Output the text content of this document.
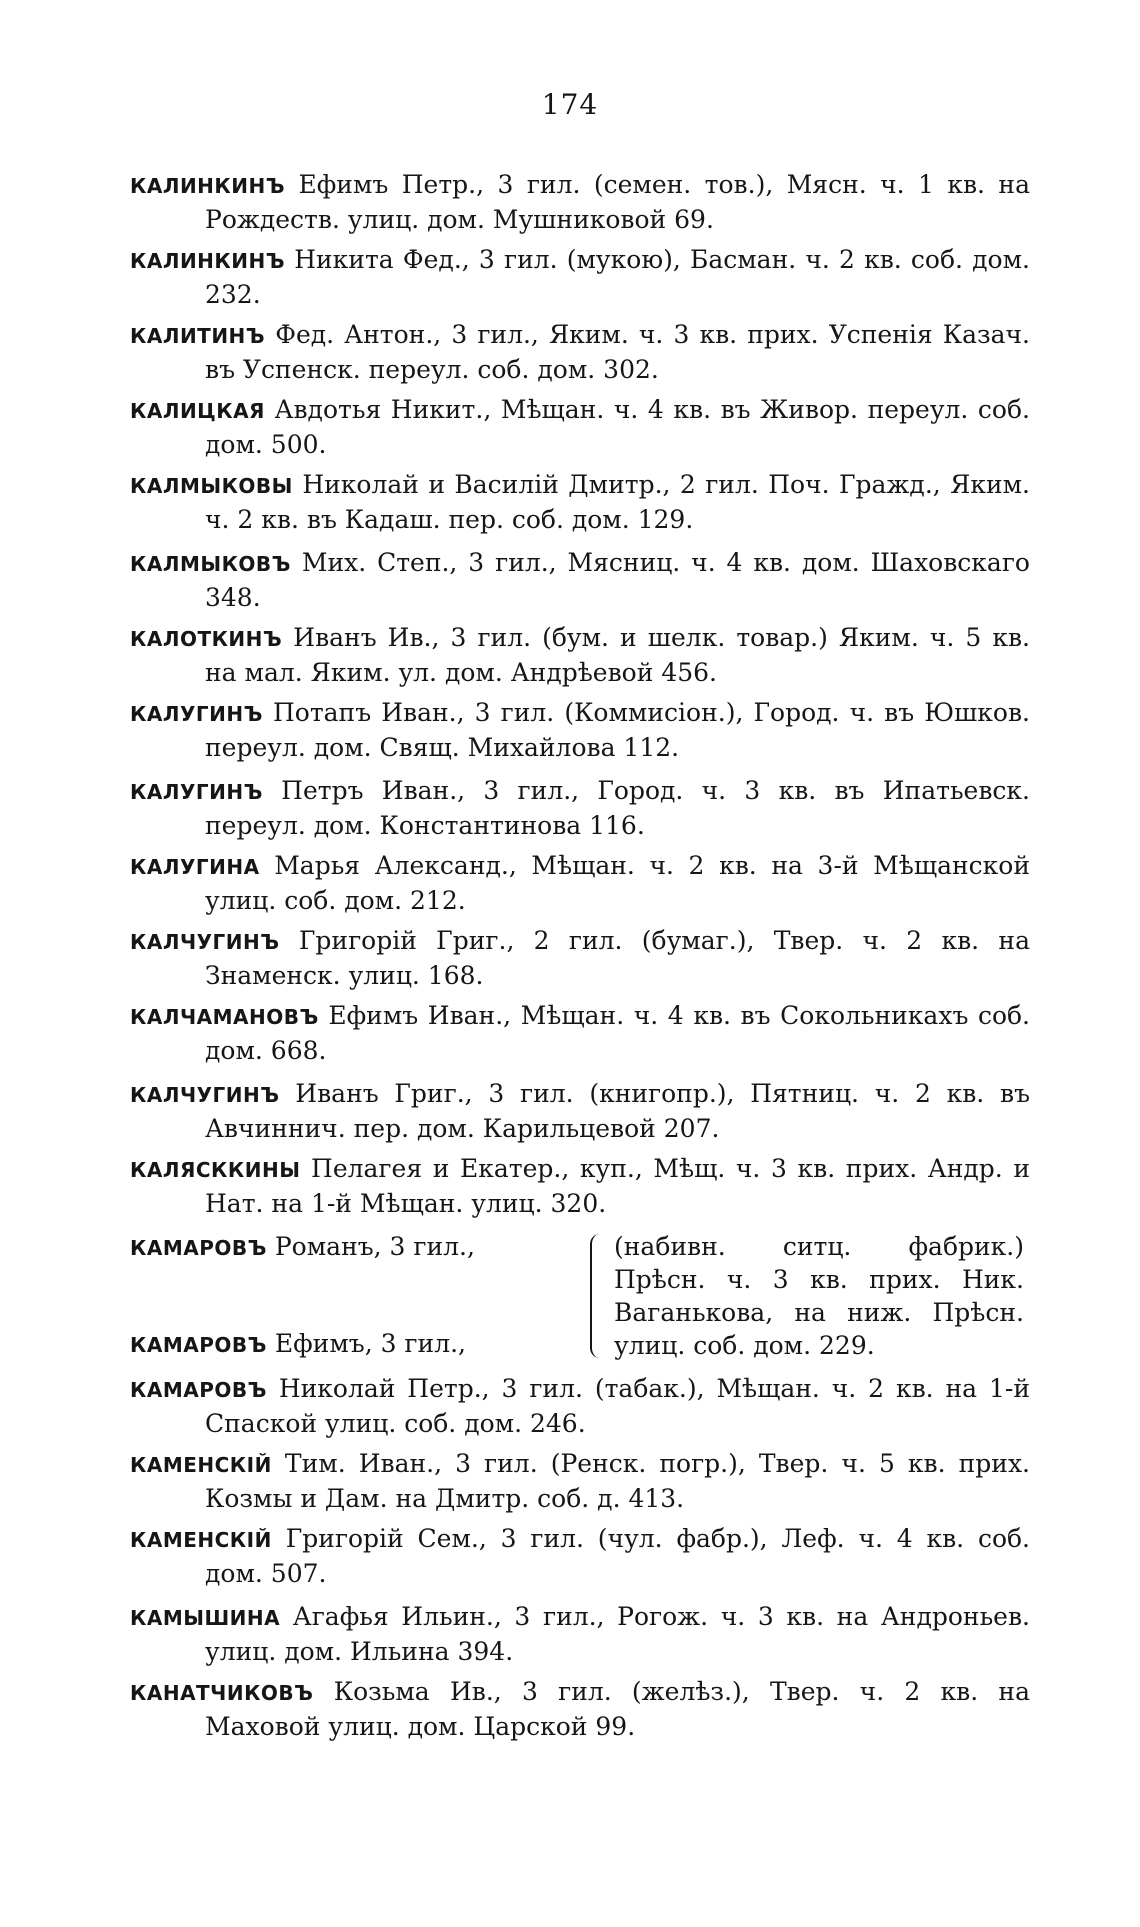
174
КАЛИНКИНЪ Ефимъ Петр., 3 гил. (семен. тов.), Мясн. ч. 1 кв. на Рождеств. улиц. дом. Мушниковой 69.
КАЛИНКИНЪ Никита Фед., 3 гил. (мукою), Басман. ч. 2 кв. соб. дом. 232.
КАЛИТИНЪ Фед. Антон., 3 гил., Яким. ч. 3 кв. прих. Успенія Казач. въ Успенск. переул. соб. дом. 302.
КАЛИЦКАЯ Авдотья Никит., Мѣщан. ч. 4 кв. въ Живор. переул. соб. дом. 500.
КАЛМЫКОВЫ Николай и Василій Дмитр., 2 гил. Поч. Гражд., Яким. ч. 2 кв. въ Кадаш. пер. соб. дом. 129.
КАЛМЫКОВЪ Мих. Степ., 3 гил., Мясниц. ч. 4 кв. дом. Шаховскаго 348.
КАЛОТКИНЪ Иванъ Ив., 3 гил. (бум. и шелк. товар.) Яким. ч. 5 кв. на мал. Яким. ул. дом. Андрѣевой 456.
КАЛУГИНЪ Потапъ Иван., 3 гил. (Коммисіон.), Город. ч. въ Юшков. переул. дом. Свящ. Михайлова 112.
КАЛУГИНЪ Петръ Иван., 3 гил., Город. ч. 3 кв. въ Ипатьевск. переул. дом. Константинова 116.
КАЛУГИНА Марья Александ., Мѣщан. ч. 2 кв. на 3-й Мѣщанской улиц. соб. дом. 212.
КАЛЧУГИНЪ Григорій Григ., 2 гил. (бумаг.), Твер. ч. 2 кв. на Знаменск. улиц. 168.
КАЛЧАМАНОВЪ Ефимъ Иван., Мѣщан. ч. 4 кв. въ Сокольникахъ соб. дом. 668.
КАЛЧУГИНЪ Иванъ Григ., 3 гил. (книгопр.), Пятниц. ч. 2 кв. въ Авчиннич. пер. дом. Карильцевой 207.
КАЛЯСККИНЫ Пелагея и Екатер., куп., Мѣщ. ч. 3 кв. прих. Андр. и Нат. на 1-й Мѣщан. улиц. 320.
КАМАРОВЪ Романъ, 3 гил.,
КАМАРОВЪ Ефимъ, 3 гил.,
(набивн. ситц. фабрик.)
Прѣсн. ч. 3 кв. прих. Ник.
Ваганькова, на ниж. Прѣсн.
улиц. соб. дом. 229.
КАМАРОВЪ Николай Петр., 3 гил. (табак.), Мѣщан. ч. 2 кв. на 1-й Спаской улиц. соб. дом. 246.
КАМЕНСКІЙ Тим. Иван., 3 гил. (Ренск. погр.), Твер. ч. 5 кв. прих. Козмы и Дам. на Дмитр. соб. д. 413.
КАМЕНСКІЙ Григорій Сем., 3 гил. (чул. фабр.), Леф. ч. 4 кв. соб. дом. 507.
КАМЫШИНА Агафья Ильин., 3 гил., Рогож. ч. 3 кв. на Андроньев. улиц. дом. Ильина 394.
КАНАТЧИКОВЪ Козьма Ив., 3 гил. (желѣз.), Твер. ч. 2 кв. на Маховой улиц. дом. Царской 99.
